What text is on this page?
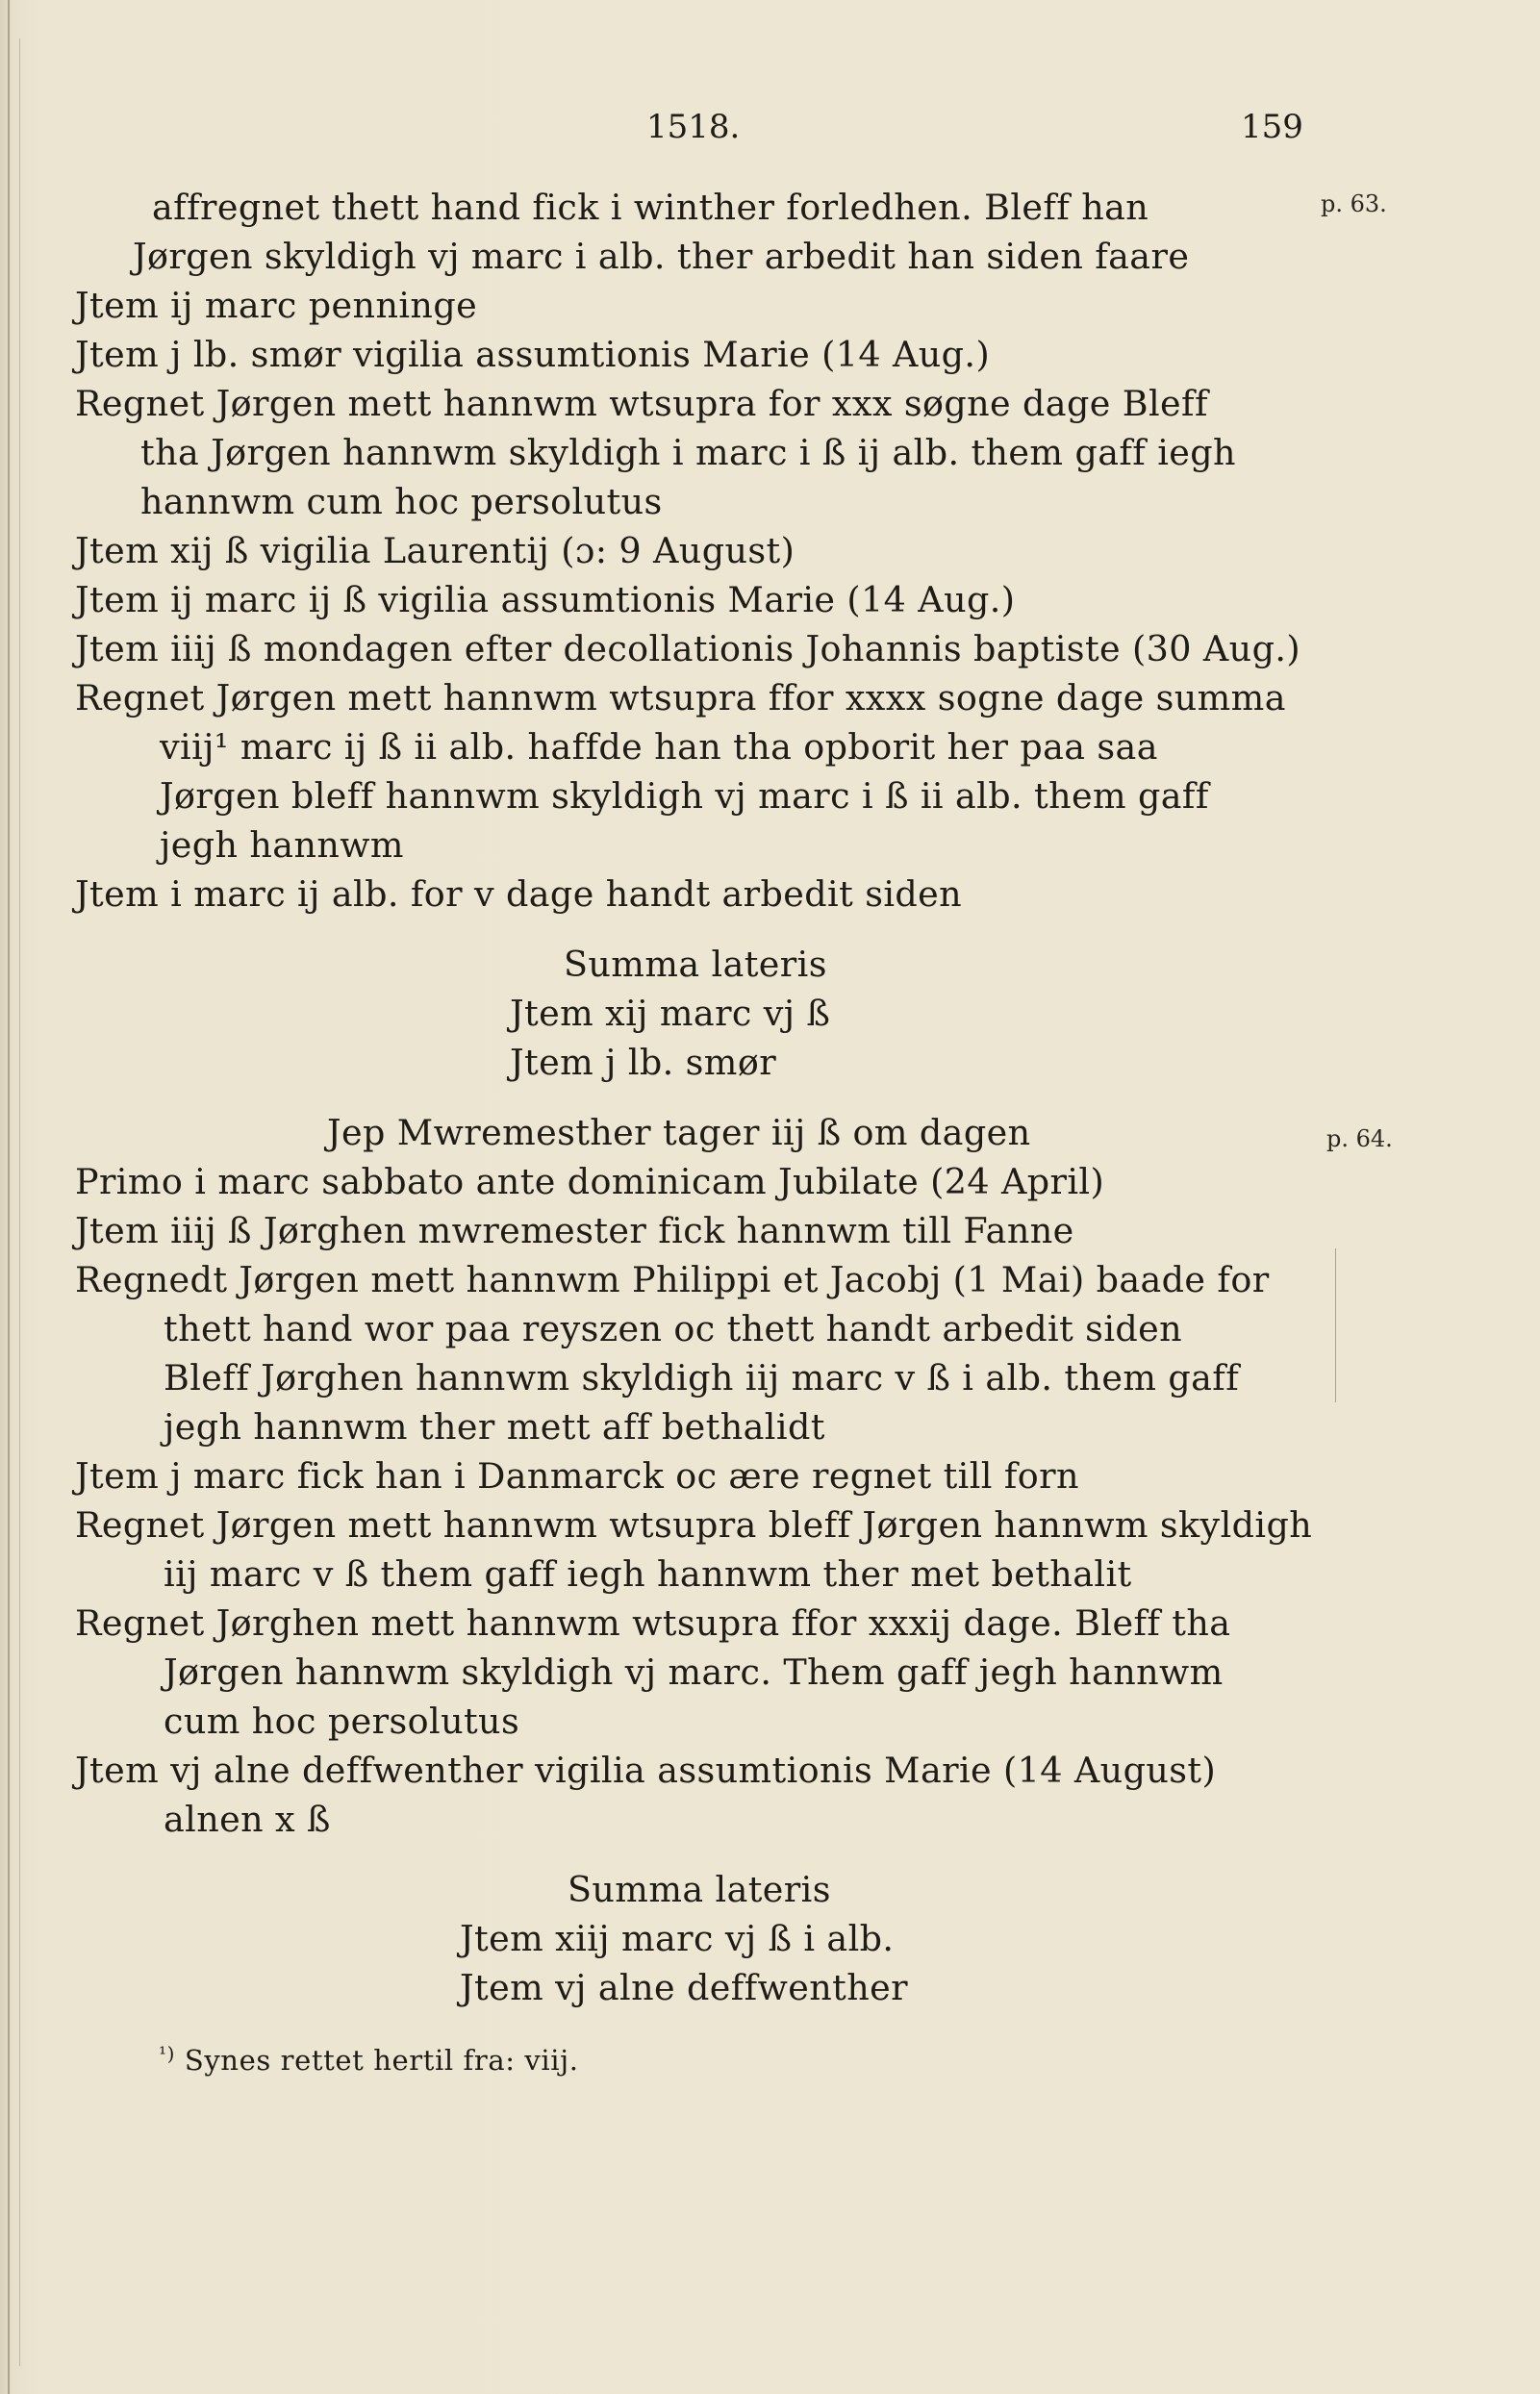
1518.	159
p. 63.
p. 64.
affregnet thett hand fick i winther forledhen. Bleff han
Jørgen skyldigh vj marc i alb. ther arbedit han siden faare
Jtem ij marc penninge
Jtem j lb. smør vigilia assumtionis Marie (14 Aug.)
Regnet Jørgen mett hannwm wtsupra for xxx søgne dage Bleff
tha Jørgen hannwm skyldigh i marc i ß ij alb. them gaff iegh
hannwm cum hoc persolutus
Jtem xij ß vigilia Laurentij (ɔ: 9 August)
Jtem ij marc ij ß vigilia assumtionis Marie (14 Aug.)
Jtem iiij ß mondagen efter decollationis Johannis baptiste (30 Aug.)
Regnet Jørgen mett hannwm wtsupra ffor xxxx sogne dage summa
viij¹ marc ij ß ii alb. haffde han tha opborit her paa saa
Jørgen bleff hannwm skyldigh vj marc i ß ii alb. them gaff
jegh hannwm
Jtem i marc ij alb. for v dage handt arbedit siden
Summa lateris
Jtem xij marc vj ß
Jtem j lb. smør
Jep Mwremesther tager iij ß om dagen
Primo i marc sabbato ante dominicam Jubilate (24 April)
Jtem iiij ß Jørghen mwremester fick hannwm till Fanne
Regnedt Jørgen mett hannwm Philippi et Jacobj (1 Mai) baade for
thett hand wor paa reyszen oc thett handt arbedit siden
Bleff Jørghen hannwm skyldigh iij marc v ß i alb. them gaff
jegh hannwm ther mett aff bethalidt
Jtem j marc fick han i Danmarck oc ære regnet till forn
Regnet Jørgen mett hannwm wtsupra bleff Jørgen hannwm skyldigh
iij marc v ß them gaff iegh hannwm ther met bethalit
Regnet Jørghen mett hannwm wtsupra ffor xxxij dage. Bleff tha
Jørgen hannwm skyldigh vj marc. Them gaff jegh hannwm
cum hoc persolutus
Jtem vj alne deffwenther vigilia assumtionis Marie (14 August)
alnen x ß
Summa lateris
Jtem xiij marc vj ß i alb.
Jtem vj alne deffwenther
$^{^1)}$ Synes rettet hertil fra: viij.
